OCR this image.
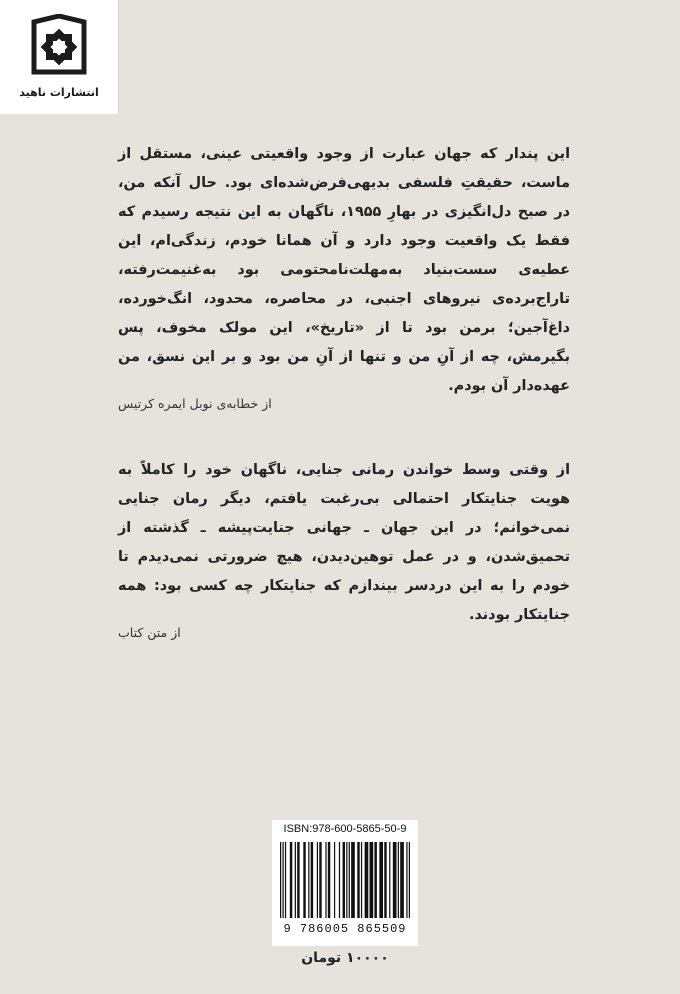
انتشارات ناهید

این پندار که جهان عبارت از وجود واقعیتی عینی، مستقل از ماست، حقیقتِ فلسفی بدیهی‌فرض‌شده‌ای بود. حال آنکه من، در صبح دل‌انگیزی در بهارِ ۱۹۵۵، ناگهان به این نتیجه رسیدم که فقط یک واقعیت وجود دارد و آن همانا خودم، زندگی‌ام، این عطیه‌ی سست‌بنیاد به‌مهلت‌نامحتومی بود به‌غنیمت‌رفته، تاراج‌برده‌ی نیروهای اجنبی، در محاصره، محدود، انگ‌خورده، داغ‌آجین؛ برمن بود تا از «تاریخ»، این مولک مخوف، پس بگیرمش، چه از آنِ من و تنها از آنِ من بود و بر این نسق، من عهده‌دار آن بودم.

از خطابه‌ی نوبل ایمره کرتیس

از وقتی وسط خواندن رمانی جنایی، ناگهان خود را کاملاً به هویت جنایتکار احتمالی بی‌رغبت یافتم، دیگر رمان جنایی نمی‌خوانم؛ در این جهان ـ جهانی جنایت‌پیشه ـ گذشته از تحمیق‌شدن، و در عمل توهین‌دیدن، هیچ ضرورتی نمی‌دیدم تا خودم را به این دردسر بیندازم که جنایتکار چه کسی بود: همه جنایتکار بودند.

از متن کتاب
ISBN:978-600-5865-50-9
9 786005 865509
۱۰۰۰۰ تومان
